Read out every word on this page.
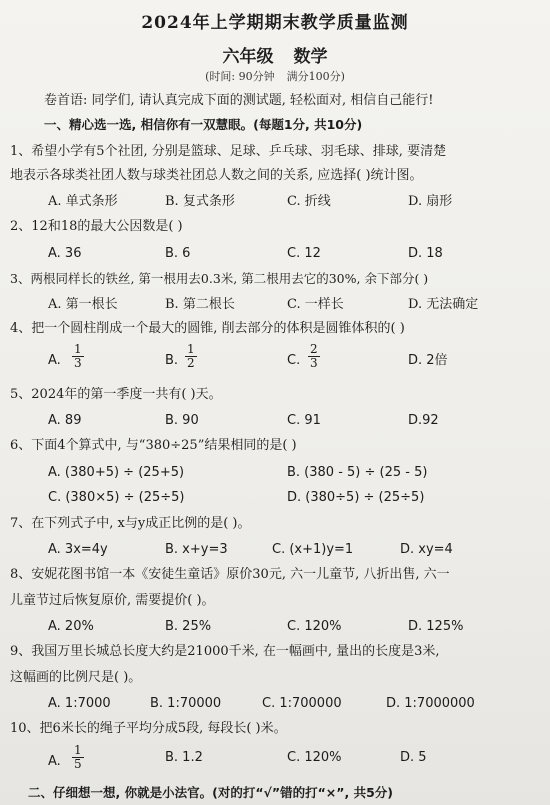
2024年上学期期末教学质量监测
六年级 数学
(时间: 90分钟 满分100分)
卷首语: 同学们, 请认真完成下面的测试题, 轻松面对, 相信自己能行!
一、精心选一选, 相信你有一双慧眼。(每题1分, 共10分)
1、希望小学有5个社团, 分别是篮球、足球、乒乓球、羽毛球、排球, 要清楚
地表示各球类社团人数与球类社团总人数之间的关系, 应选择( )统计图。
A. 单式条形	B. 复式条形	C. 折线	D. 扇形
2、12和18的最大公因数是( )
A. 36	B. 6	C. 12	D. 18
3、两根同样长的铁丝, 第一根用去0.3米, 第二根用去它的30%, 余下部分( )
A. 第一根长	B. 第二根长	C. 一样长	D. 无法确定
4、把一个圆柱削成一个最大的圆锥, 削去部分的体积是圆锥体积的( )
A. $\frac{1}{3}$	B. $\frac{1}{2}$	C. $\frac{2}{3}$	D. 2倍
5、2024年的第一季度一共有( )天。
A. 89	B. 90	C. 91	D.92
6、下面4个算式中, 与“380÷25”结果相同的是( )
A. (380+5) ÷ (25+5)	B. (380 - 5) ÷ (25 - 5)
C. (380×5) ÷ (25÷5)	D. (380÷5) ÷ (25÷5)
7、在下列式子中, x与y成正比例的是( )。
A. 3x=4y	B. x+y=3	C. (x+1)y=1	D. xy=4
8、安妮花图书馆一本《安徒生童话》原价30元, 六一儿童节, 八折出售, 六一
儿童节过后恢复原价, 需要提价( )。
A. 20%	B. 25%	C. 120%	D. 125%
9、我国万里长城总长度大约是21000千米, 在一幅画中, 量出的长度是3米,
这幅画的比例尺是( )。
A. 1:7000	B. 1:70000	C. 1:700000	D. 1:7000000
10、把6米长的绳子平均分成5段, 每段长( )米。
A. $\frac{1}{5}$	B. 1.2	C. 120%	D. 5
二、仔细想一想, 你就是小法官。(对的打“√”错的打“×”, 共5分)
